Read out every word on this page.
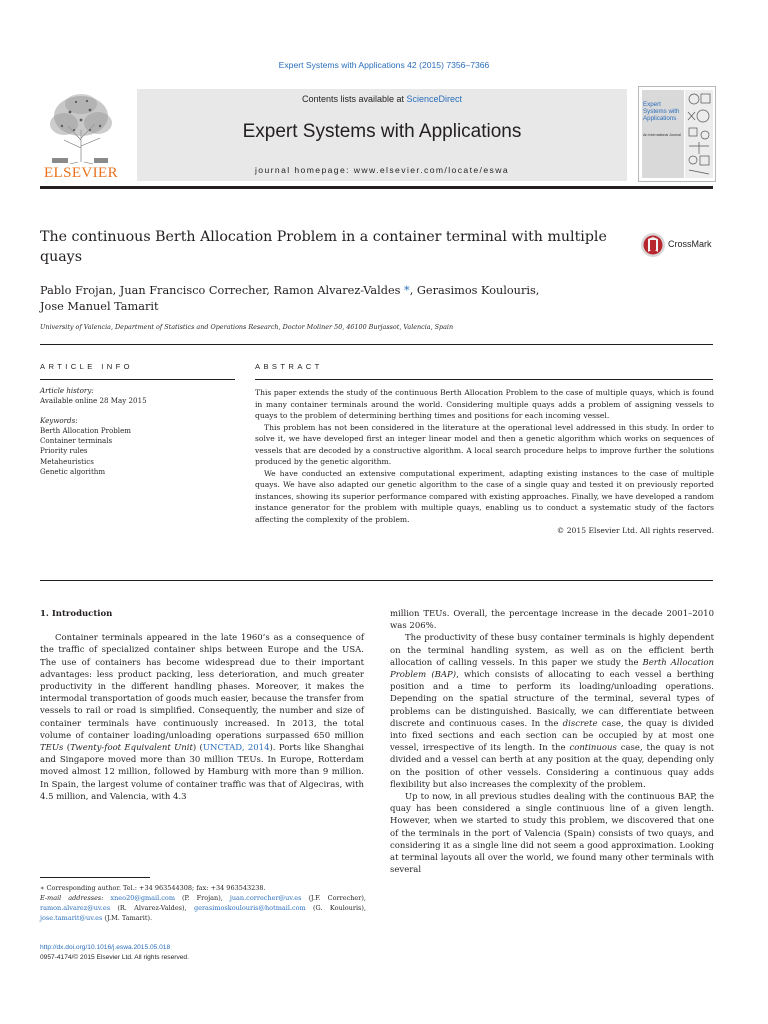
Expert Systems with Applications 42 (2015) 7356–7366
ELSEVIER
Contents lists available at ScienceDirect
Expert Systems with Applications
journal homepage: www.elsevier.com/locate/eswa
Expert Systems with Applications
An International Journal
The continuous Berth Allocation Problem in a container terminal with multiple quays
CrossMark
Pablo Frojan, Juan Francisco Correcher, Ramon Alvarez-Valdes *, Gerasimos Koulouris,
Jose Manuel Tamarit
University of Valencia, Department of Statistics and Operations Research, Doctor Moliner 50, 46100 Burjassot, Valencia, Spain
ARTICLE INFO	ABSTRACT
Article history:
Available online 28 May 2015
Keywords:
Berth Allocation Problem
Container terminals
Priority rules
Metaheuristics
Genetic algorithm

This paper extends the study of the continuous Berth Allocation Problem to the case of multiple quays, which is found in many container terminals around the world. Considering multiple quays adds a problem of assigning vessels to quays to the problem of determining berthing times and positions for each incoming vessel.

This problem has not been considered in the literature at the operational level addressed in this study. In order to solve it, we have developed first an integer linear model and then a genetic algorithm which works on sequences of vessels that are decoded by a constructive algorithm. A local search procedure helps to improve further the solutions produced by the genetic algorithm.

We have conducted an extensive computational experiment, adapting existing instances to the case of multiple quays. We have also adapted our genetic algorithm to the case of a single quay and tested it on previously reported instances, showing its superior performance compared with existing approaches. Finally, we have developed a random instance generator for the problem with multiple quays, enabling us to conduct a systematic study of the factors affecting the complexity of the problem.

© 2015 Elsevier Ltd. All rights reserved.

1. Introduction

Container terminals appeared in the late 1960’s as a consequence of the traffic of specialized container ships between Europe and the USA. The use of containers has become widespread due to their important advantages: less product packing, less deterioration, and much greater productivity in the different handling phases. Moreover, it makes the intermodal transportation of goods much easier, because the transfer from vessels to rail or road is simplified. Consequently, the number and size of container terminals have continuously increased. In 2013, the total volume of container loading/unloading operations surpassed 650 million TEUs (Twenty-foot Equivalent Unit) (UNCTAD, 2014). Ports like Shanghai and Singapore moved more than 30 million TEUs. In Europe, Rotterdam moved almost 12 million, followed by Hamburg with more than 9 million. In Spain, the largest volume of container traffic was that of Algeciras, with 4.5 million, and Valencia, with 4.3

million TEUs. Overall, the percentage increase in the decade 2001–2010 was 206%.

The productivity of these busy container terminals is highly dependent on the terminal handling system, as well as on the efficient berth allocation of calling vessels. In this paper we study the Berth Allocation Problem (BAP), which consists of allocating to each vessel a berthing position and a time to perform its loading/unloading operations. Depending on the spatial structure of the terminal, several types of problems can be distinguished. Basically, we can differentiate between discrete and continuous cases. In the discrete case, the quay is divided into fixed sections and each section can be occupied by at most one vessel, irrespective of its length. In the continuous case, the quay is not divided and a vessel can berth at any position at the quay, depending only on the position of other vessels. Considering a continuous quay adds flexibility but also increases the complexity of the problem.

Up to now, in all previous studies dealing with the continuous BAP, the quay has been considered a single continuous line of a given length. However, when we started to study this problem, we discovered that one of the terminals in the port of Valencia (Spain) consists of two quays, and considering it as a single line did not seem a good approximation. Looking at terminal layouts all over the world, we found many other terminals with several

∗ Corresponding author. Tel.: +34 963544308; fax: +34 963543238.
E-mail addresses: xneo20@gmail.com (P. Frojan), juan.correcher@uv.es (J.F. Correcher), ramon.alvarez@uv.es (R. Alvarez-Valdes), gerasimoskoulouris@hotmail.com (G. Koulouris), jose.tamarit@uv.es (J.M. Tamarit).
http://dx.doi.org/10.1016/j.eswa.2015.05.018
0957-4174/© 2015 Elsevier Ltd. All rights reserved.
